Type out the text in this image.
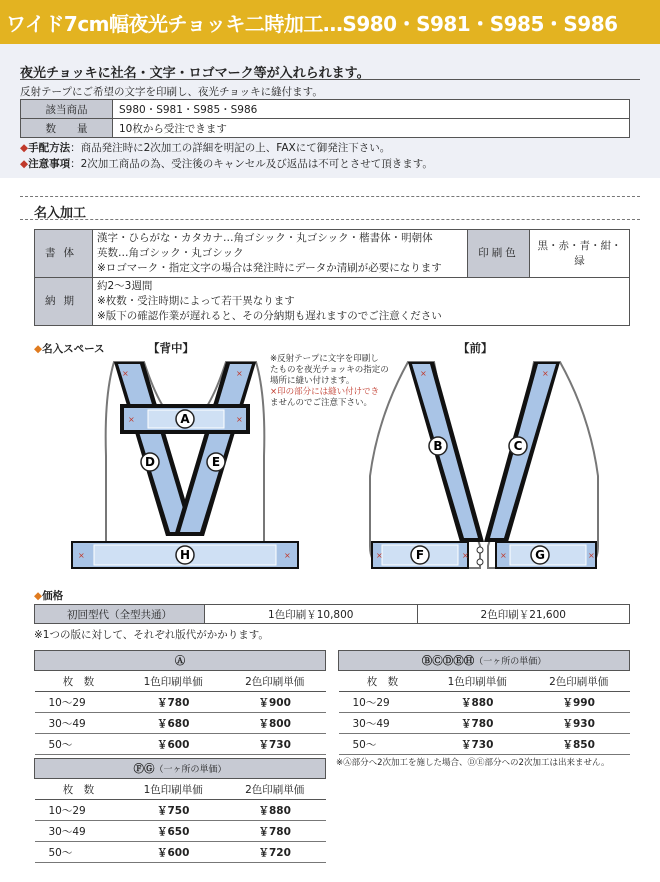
ワイド7cm幅夜光チョッキ二時加工…S980・S981・S985・S986
夜光チョッキに社名・文字・ロゴマーク等が入れられます。
反射テープにご希望の文字を印刷し、夜光チョッキに縫付ます。
該当商品	S980・S981・S985・S986
数　　量	10枚から受注できます
◆手配方法：商品発注時に2次加工の詳細を明記の上、FAXにて御発注下さい。
◆注意事項：2次加工商品の為、受注後のキャンセル及び返品は不可とさせて頂きます。
名入加工
書体	漢字・ひらがな・カタカナ…角ゴシック・丸ゴシック・楷書体・明朝体
英数…角ゴシック・丸ゴシック
※ロゴマーク・指定文字の場合は発注時にデータか清刷が必要になります	印刷色	黒・赤・青・紺・緑
納期	約2～3週間
※枚数・受注時期によって若干異なります
※版下の確認作業が遅れると、その分納期も遅れますのでご注意ください		
◆名入スペース	【背中】	【前】
※反射テープに文字を印刷し
たものを夜光チョッキの指定の
場所に縫い付けます。
×印の部分には縫い付けでき
ませんのでご注意下さい。
×	×
×	×
×	×
A
D	E
H
×	×
×	×	×	×
B	C
F	G
◆価格
初回型代（全型共通）	1色印刷￥10,800	2色印刷￥21,600
※1つの版に対して、それぞれ版代がかかります。
Ⓐ		
枚　数	1色印刷単価	2色印刷単価
10～29	￥780	￥900
30～49	￥680	￥800
50～	￥600	￥730
ⒷⒸⒹⒺⒽ（一ヶ所の単価）		
枚　数	1色印刷単価	2色印刷単価
10～29	￥880	￥990
30～49	￥780	￥930
50～	￥730	￥850
※Ⓐ部分へ2次加工を施した場合、ⒹⒺ部分への2次加工は出来ません。
ⒻⒼ（一ヶ所の単価）		
枚　数	1色印刷単価	2色印刷単価
10～29	￥750	￥880
30～49	￥650	￥780
50～	￥600	￥720
